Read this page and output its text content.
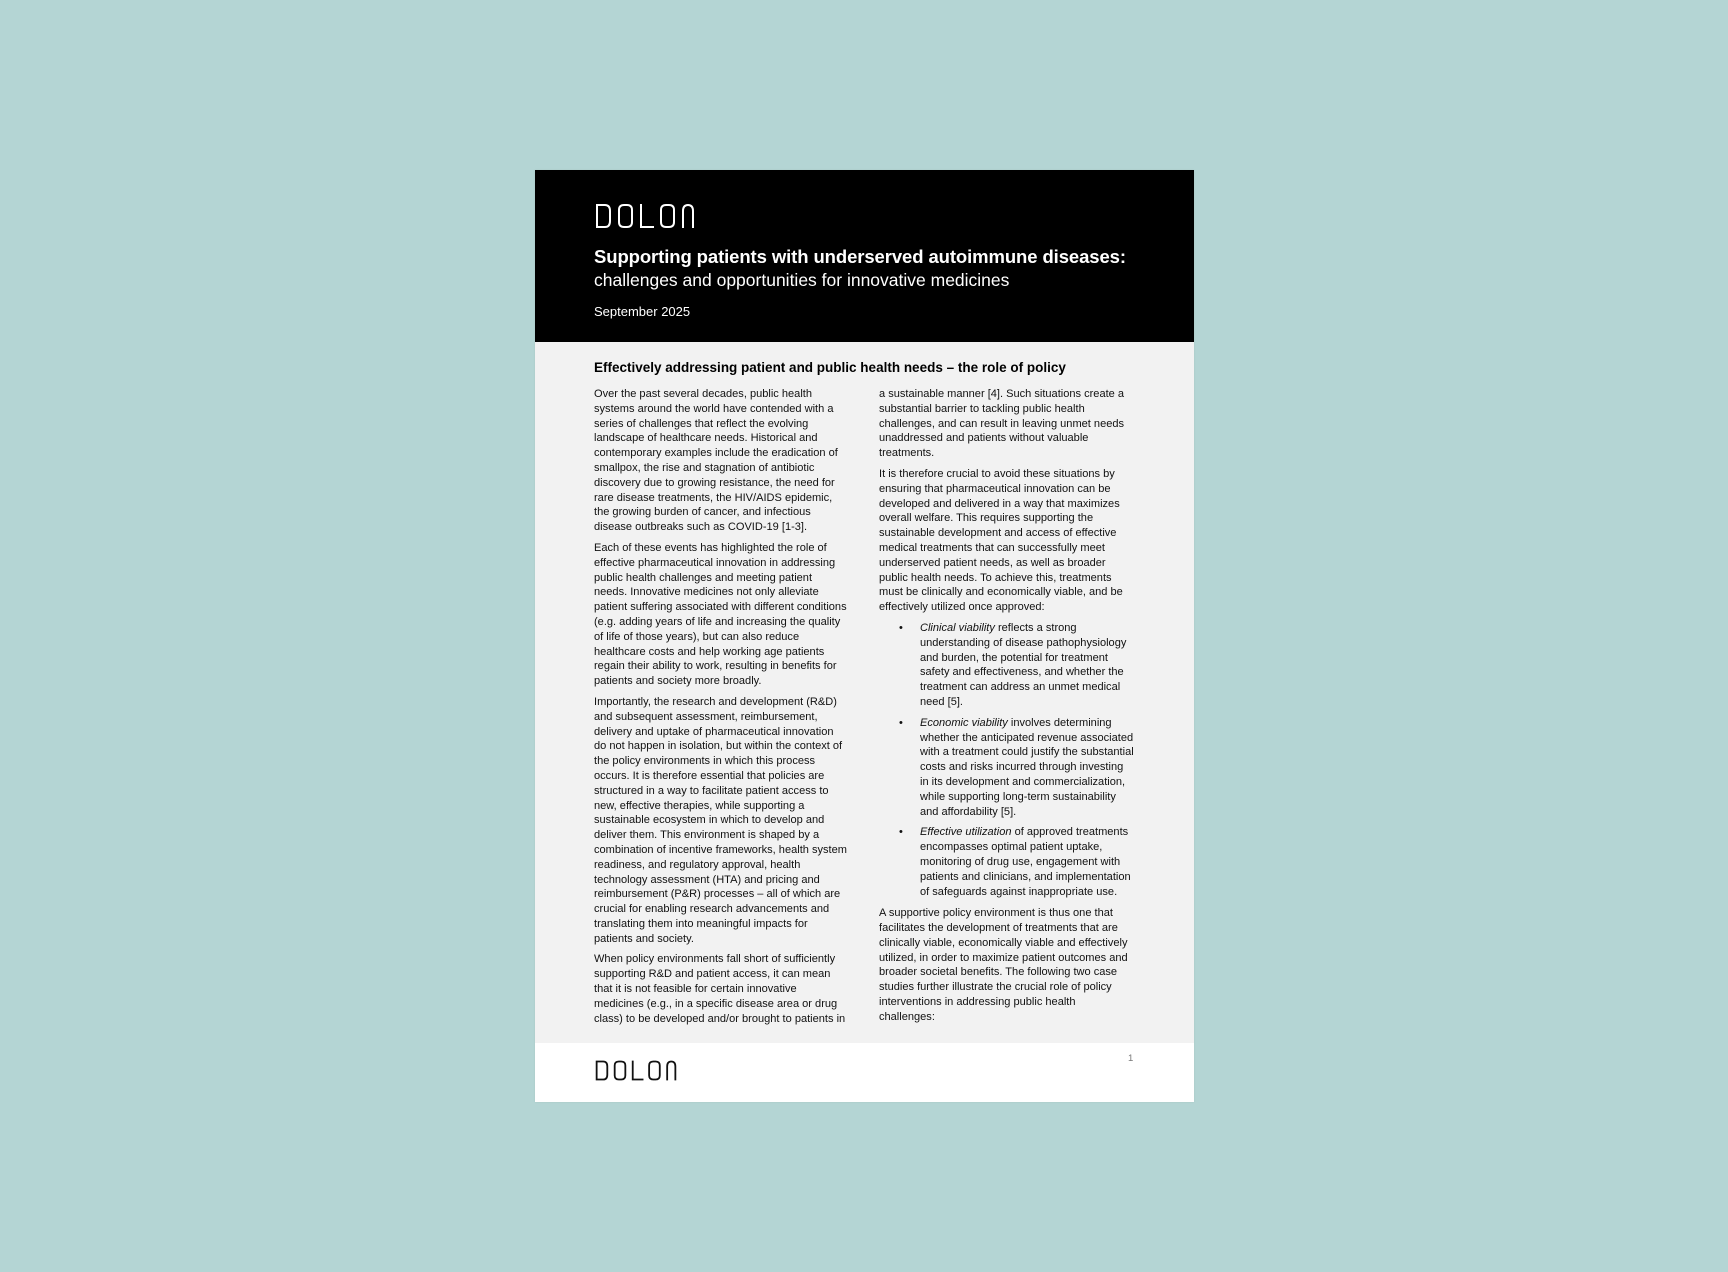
Supporting patients with underserved autoimmune diseases:
challenges and opportunities for innovative medicines
September 2025
Effectively addressing patient and public health needs – the role of policy

Over the past several decades, public health
systems around the world have contended with a
series of challenges that reflect the evolving
landscape of healthcare needs. Historical and
contemporary examples include the eradication of
smallpox, the rise and stagnation of antibiotic
discovery due to growing resistance, the need for
rare disease treatments, the HIV/AIDS epidemic,
the growing burden of cancer, and infectious
disease outbreaks such as COVID-19 [1-3].

Each of these events has highlighted the role of
effective pharmaceutical innovation in addressing
public health challenges and meeting patient
needs. Innovative medicines not only alleviate
patient suffering associated with different conditions
(e.g. adding years of life and increasing the quality
of life of those years), but can also reduce
healthcare costs and help working age patients
regain their ability to work, resulting in benefits for
patients and society more broadly.

Importantly, the research and development (R&D)
and subsequent assessment, reimbursement,
delivery and uptake of pharmaceutical innovation
do not happen in isolation, but within the context of
the policy environments in which this process
occurs. It is therefore essential that policies are
structured in a way to facilitate patient access to
new, effective therapies, while supporting a
sustainable ecosystem in which to develop and
deliver them. This environment is shaped by a
combination of incentive frameworks, health system
readiness, and regulatory approval, health
technology assessment (HTA) and pricing and
reimbursement (P&R) processes – all of which are
crucial for enabling research advancements and
translating them into meaningful impacts for
patients and society.

When policy environments fall short of sufficiently
supporting R&D and patient access, it can mean
that it is not feasible for certain innovative
medicines (e.g., in a specific disease area or drug
class) to be developed and/or brought to patients in

a sustainable manner [4]. Such situations create a
substantial barrier to tackling public health
challenges, and can result in leaving unmet needs
unaddressed and patients without valuable
treatments.

It is therefore crucial to avoid these situations by
ensuring that pharmaceutical innovation can be
developed and delivered in a way that maximizes
overall welfare. This requires supporting the
sustainable development and access of effective
medical treatments that can successfully meet
underserved patient needs, as well as broader
public health needs. To achieve this, treatments
must be clinically and economically viable, and be
effectively utilized once approved:

• Clinical viability reflects a strong
understanding of disease pathophysiology
and burden, the potential for treatment
safety and effectiveness, and whether the
treatment can address an unmet medical
need [5].
• Economic viability involves determining
whether the anticipated revenue associated
with a treatment could justify the substantial
costs and risks incurred through investing
in its development and commercialization,
while supporting long-term sustainability
and affordability [5].
• Effective utilization of approved treatments
encompasses optimal patient uptake,
monitoring of drug use, engagement with
patients and clinicians, and implementation
of safeguards against inappropriate use.

A supportive policy environment is thus one that
facilitates the development of treatments that are
clinically viable, economically viable and effectively
utilized, in order to maximize patient outcomes and
broader societal benefits. The following two case
studies further illustrate the crucial role of policy
interventions in addressing public health
challenges:

1
